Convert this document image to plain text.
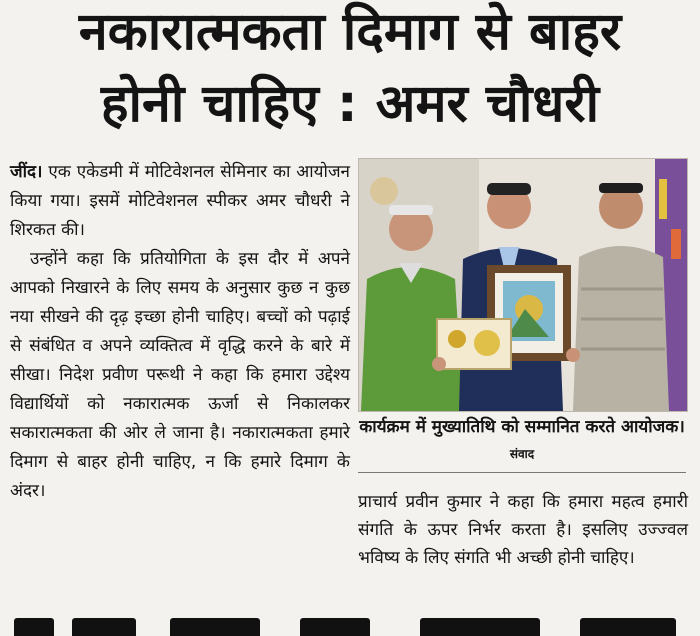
नकारात्मकता दिमाग से बाहर
होनी चाहिए : अमर चौधरी

जींद। एक एकेडमी में मोटिवेशनल सेमिनार का आयोजन किया गया। इसमें मोटिवेशनल स्पीकर अमर चौधरी ने शिरकत की।

उन्होंने कहा कि प्रतियोगिता के इस दौर में अपने आपको निखारने के लिए समय के अनुसार कुछ न कुछ नया सीखने की दृढ़ इच्छा होनी चाहिए। बच्चों को पढ़ाई से संबंधित व अपने व्यक्तित्व में वृद्धि करने के बारे में सीखा। निदेश प्रवीण परूथी ने कहा कि हमारा उद्देश्य विद्यार्थियों को नकारात्मक ऊर्जा से निकालकर सकारात्मकता की ओर ले जाना है। नकारात्मकता हमारे दिमाग से बाहर होनी चाहिए, न कि हमारे दिमाग के अंदर।

कार्यक्रम में मुख्यातिथि को सम्मानित करते आयोजक।संवाद

प्राचार्य प्रवीन कुमार ने कहा कि हमारा महत्व हमारी संगति के ऊपर निर्भर करता है। इसलिए उज्ज्वल भविष्य के लिए संगति भी अच्छी होनी चाहिए।
